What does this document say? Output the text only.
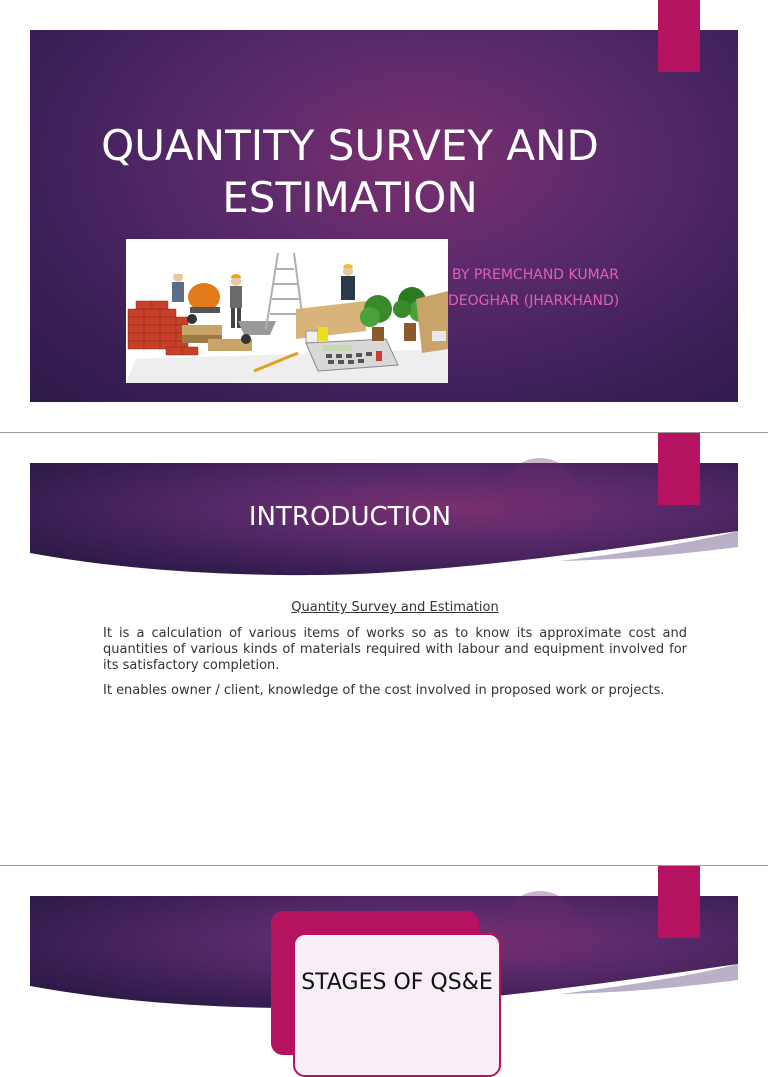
QUANTITY SURVEY AND ESTIMATION
BY PREMCHAND KUMAR
DEOGHAR (JHARKHAND)
INTRODUCTION
Quantity Survey and Estimation
It is a calculation of various items of works so as to know its approximate cost and quantities of various kinds of materials required with labour and equipment involved for its satisfactory completion.
It enables owner / client, knowledge of the cost involved in proposed work or projects.
STAGES OF QS&E
